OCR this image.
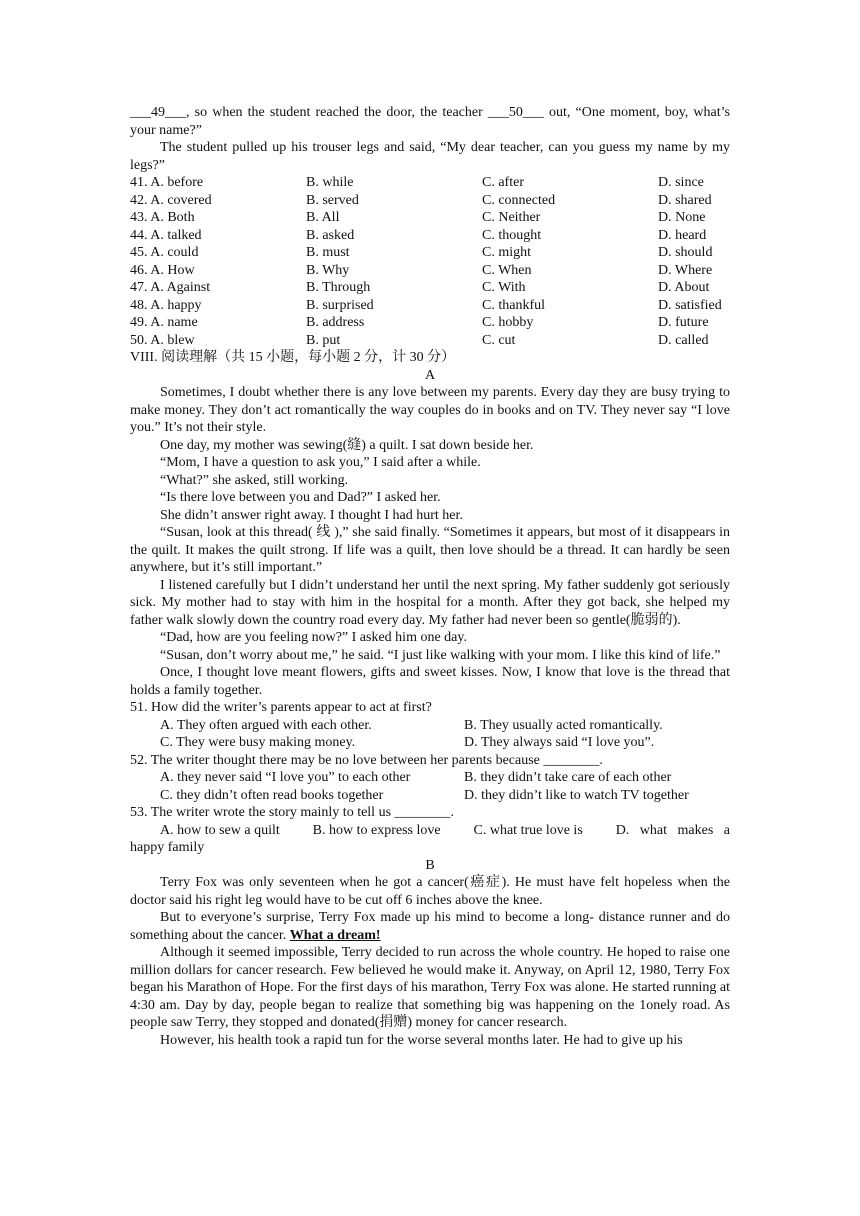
___49___, so when the student reached the door, the teacher ___50___ out, “One moment, boy, what’s your name?”

The student pulled up his trouser legs and said, “My dear teacher, can you guess my name by my legs?”

41. A. before	B. while	C. after	D. since
42. A. covered	B. served	C. connected	D. shared
43. A. Both	B. All	C. Neither	D. None
44. A. talked	B. asked	C. thought	D. heard
45. A. could	B. must	C. might	D. should
46. A. How	B. Why	C. When	D. Where
47. A. Against	B. Through	C. With	D. About
48. A. happy	B. surprised	C. thankful	D. satisfied
49. A. name	B. address	C. hobby	D. future
50. A. blew	B. put	C. cut	D. called

VIII. 阅读理解（共 15 小题，每小题 2 分，计 30 分）

A

Sometimes, I doubt whether there is any love between my parents. Every day they are busy trying to make money. They don’t act romantically the way couples do in books and on TV. They never say “I love you.” It’s not their style.

One day, my mother was sewing(缝) a quilt. I sat down beside her.

“Mom, I have a question to ask you,” I said after a while.

“What?” she asked, still working.

“Is there love between you and Dad?” I asked her.

She didn’t answer right away. I thought I had hurt her.

“Susan, look at this thread( 线 ),” she said finally. “Sometimes it appears, but most of it disappears in the quilt. It makes the quilt strong. If life was a quilt, then love should be a thread. It can hardly be seen anywhere, but it’s still important.”

I listened carefully but I didn’t understand her until the next spring. My father suddenly got seriously sick. My mother had to stay with him in the hospital for a month. After they got back, she helped my father walk slowly down the country road every day. My father had never been so gentle(脆弱的).

“Dad, how are you feeling now?” I asked him one day.

“Susan, don’t worry about me,” he said. “I just like walking with your mom. I like this kind of life.”

Once, I thought love meant flowers, gifts and sweet kisses. Now, I know that love is the thread that holds a family together.

51. How did the writer’s parents appear to act at first?

A. They often argued with each other.	B. They usually acted romantically.
C. They were busy making money.	D. They always said “I love you”.

52. The writer thought there may be no love between her parents because ________.

A. they never said “I love you” to each other	B. they didn’t take care of each other
C. they didn’t often read books together	D. they didn’t like to watch TV together

53. The writer wrote the story mainly to tell us ________.

A. how to sew a quilt B. how to express love C. what true love is D.   what   makes   a

happy family

B

Terry Fox was only seventeen when he got a cancer(癌症). He must have felt hopeless when the doctor said his right leg would have to be cut off 6 inches above the knee.

But to everyone’s surprise, Terry Fox made up his mind to become a long- distance runner and do something about the cancer. What a dream!

Although it seemed impossible, Terry decided to run across the whole country. He hoped to raise one million dollars for cancer research. Few believed he would make it. Anyway, on April 12, 1980, Terry Fox began his Marathon of Hope. For the first days of his marathon, Terry Fox was alone. He started running at 4:30 am. Day by day, people began to realize that something big was happening on the 1onely road. As people saw Terry, they stopped and donated(捐赠) money for cancer research.

However, his health took a rapid tun for the worse several months later. He had to give up his
